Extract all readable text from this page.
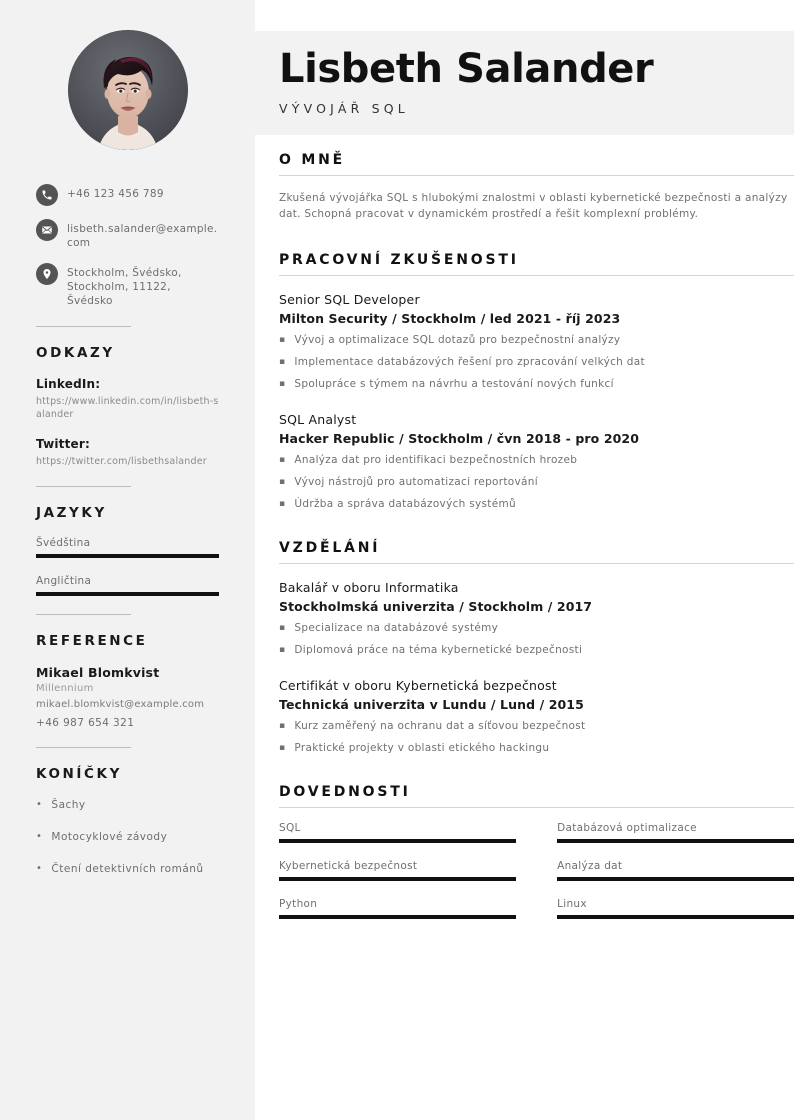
+46 123 456 789
lisbeth.salander@example.com
Stockholm, Švédsko, Stockholm, 11122, Švédsko
ODKAZY
LinkedIn:
https://www.linkedin.com/in/lisbeth-salander
Twitter:
https://twitter.com/lisbethsalander
JAZYKY
Švédština
Angličtina
REFERENCE
Mikael Blomkvist
Millennium
mikael.blomkvist@example.com
+46 987 654 321
KONÍČKY
• Šachy
• Motocyklové závody
• Čtení detektivních románů
Lisbeth Salander
VÝVOJÁŘ SQL
O MNĚ

Zkušená vývojářka SQL s hlubokými znalostmi v oblasti kybernetické bezpečnosti a analýzy dat. Schopná pracovat v dynamickém prostředí a řešit komplexní problémy.

PRACOVNÍ ZKUŠENOSTI
Senior SQL Developer
Milton Security / Stockholm / led 2021 - říj 2023
▪ Vývoj a optimalizace SQL dotazů pro bezpečnostní analýzy
▪ Implementace databázových řešení pro zpracování velkých dat
▪ Spolupráce s týmem na návrhu a testování nových funkcí
SQL Analyst
Hacker Republic / Stockholm / čvn 2018 - pro 2020
▪ Analýza dat pro identifikaci bezpečnostních hrozeb
▪ Vývoj nástrojů pro automatizaci reportování
▪ Údržba a správa databázových systémů
VZDĚLÁNÍ
Bakalář v oboru Informatika
Stockholmská univerzita / Stockholm / 2017
▪ Specializace na databázové systémy
▪ Diplomová práce na téma kybernetické bezpečnosti
Certifikát v oboru Kybernetická bezpečnost
Technická univerzita v Lundu / Lund / 2015
▪ Kurz zaměřený na ochranu dat a síťovou bezpečnost
▪ Praktické projekty v oblasti etického hackingu
DOVEDNOSTI
SQL	Databázová optimalizace
Kybernetická bezpečnost	Analýza dat
Python	Linux
